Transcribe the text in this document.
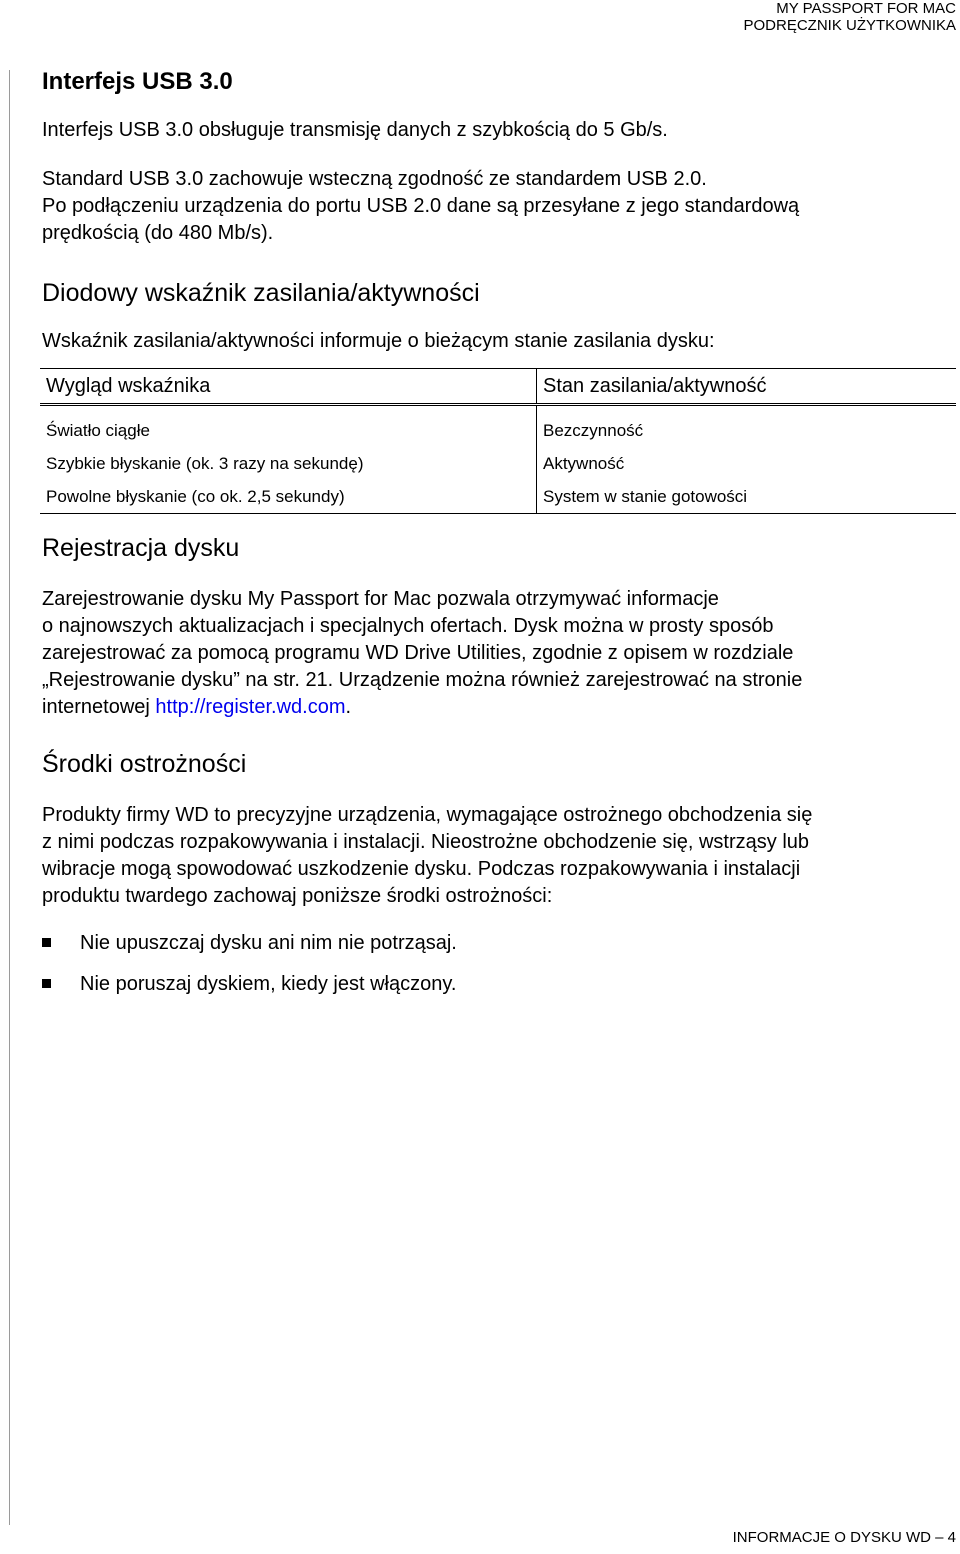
MY PASSPORT FOR MAC
PODRĘCZNIK UŻYTKOWNIKA
Interfejs USB 3.0

Interfejs USB 3.0 obsługuje transmisję danych z szybkością do 5 Gb/s.

Standard USB 3.0 zachowuje wsteczną zgodność ze standardem USB 2.0.
Po podłączeniu urządzenia do portu USB 2.0 dane są przesyłane z jego standardową
prędkością (do 480 Mb/s).

Diodowy wskaźnik zasilania/aktywności

Wskaźnik zasilania/aktywności informuje o bieżącym stanie zasilania dysku:

Wygląd wskaźnika	Stan zasilania/aktywność
Światło ciągłe	Bezczynność
Szybkie błyskanie (ok. 3 razy na sekundę)	Aktywność
Powolne błyskanie (co ok. 2,5 sekundy)	System w stanie gotowości
Rejestracja dysku

Zarejestrowanie dysku My Passport for Mac pozwala otrzymywać informacje
o najnowszych aktualizacjach i specjalnych ofertach. Dysk można w prosty sposób
zarejestrować za pomocą programu WD Drive Utilities, zgodnie z opisem w rozdziale
„Rejestrowanie dysku” na str. 21. Urządzenie można również zarejestrować na stronie
internetowej http://register.wd.com.

Środki ostrożności

Produkty firmy WD to precyzyjne urządzenia, wymagające ostrożnego obchodzenia się
z nimi podczas rozpakowywania i instalacji. Nieostrożne obchodzenie się, wstrząsy lub
wibracje mogą spowodować uszkodzenie dysku. Podczas rozpakowywania i instalacji
produktu twardego zachowaj poniższe środki ostrożności:

Nie upuszczaj dysku ani nim nie potrząsaj.
Nie poruszaj dyskiem, kiedy jest włączony.
INFORMACJE O DYSKU WD – 4
